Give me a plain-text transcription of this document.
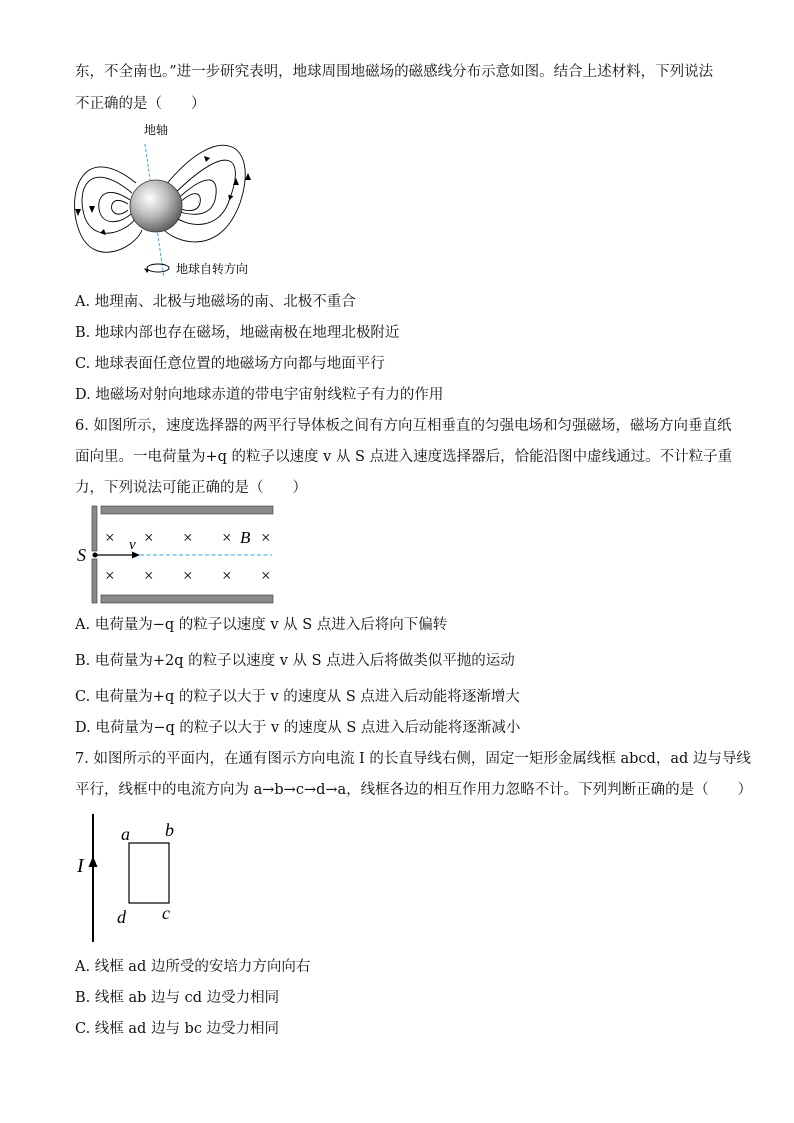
东，不全南也。”进一步研究表明，地球周围地磁场的磁感线分布示意如图。结合上述材料，下列说法
不正确的是（　　）
地轴
地球自转方向
A. 地理南、北极与地磁场的南、北极不重合
B. 地球内部也存在磁场，地磁南极在地理北极附近
C. 地球表面任意位置的地磁场方向都与地面平行
D. 地磁场对射向地球赤道的带电宇宙射线粒子有力的作用
6. 如图所示，速度选择器的两平行导体板之间有方向互相垂直的匀强电场和匀强磁场，磁场方向垂直纸
面向里。一电荷量为+q 的粒子以速度 v 从 S 点进入速度选择器后，恰能沿图中虚线通过。不计粒子重
力，下列说法可能正确的是（　　）
S	v
× × × × ×
× × × × ×
B
A. 电荷量为−q 的粒子以速度 v 从 S 点进入后将向下偏转
B. 电荷量为+2q 的粒子以速度 v 从 S 点进入后将做类似平抛的运动
C. 电荷量为+q 的粒子以大于 v 的速度从 S 点进入后动能将逐渐增大
D. 电荷量为−q 的粒子以大于 v 的速度从 S 点进入后动能将逐渐减小
7. 如图所示的平面内，在通有图示方向电流 I 的长直导线右侧，固定一矩形金属线框 abcd，ad 边与导线
平行，线框中的电流方向为 a→b→c→d→a，线框各边的相互作用力忽略不计。下列判断正确的是（　　）
I
a b
c
d
A. 线框 ad 边所受的安培力方向向右
B. 线框 ab 边与 cd 边受力相同
C. 线框 ad 边与 bc 边受力相同
